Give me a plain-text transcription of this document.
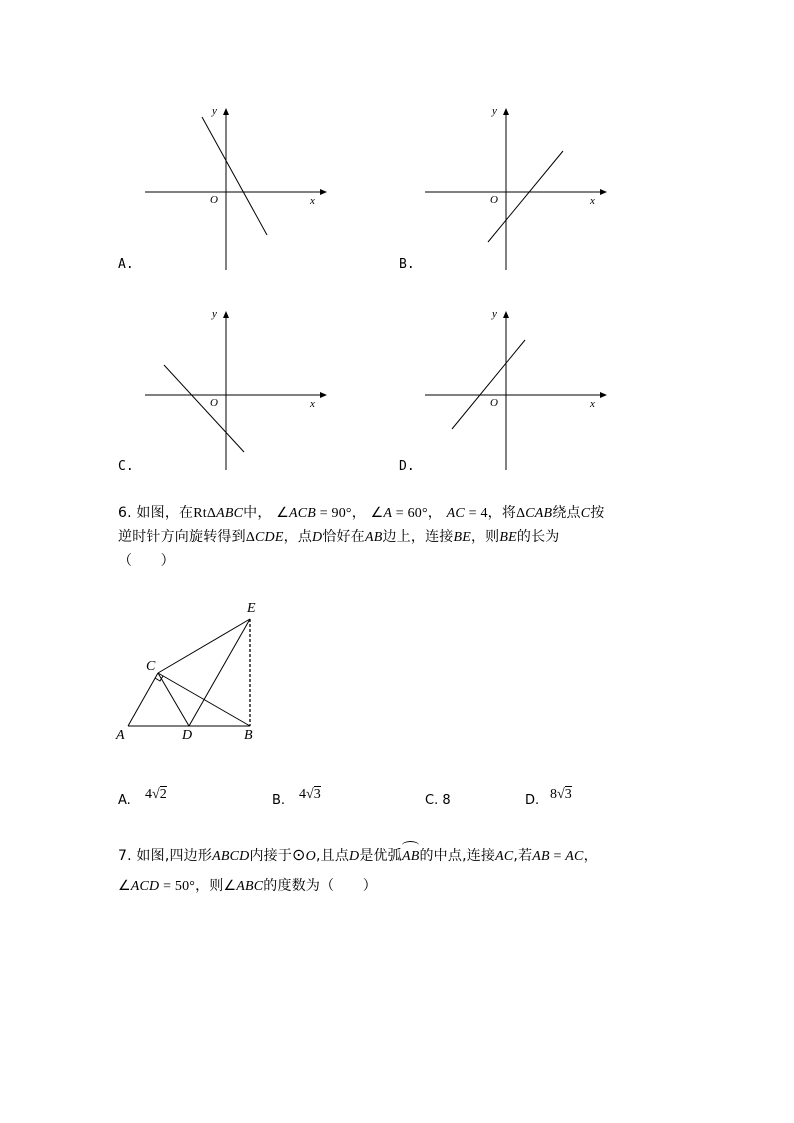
y
x
O
A.
y
x
O
B.
y
x
O
C.
y
x
O
D.
6. 如图，在RtΔABC中， ∠ACB = 90°， ∠A = 60°， AC = 4，将ΔCAB绕点C按
逆时针方向旋转得到ΔCDE，点D恰好在AB边上，连接BE，则BE的长为
（　　）
A	D	B
C
E
A. 4√2	B. 4√3	C. 8	D. 8√3
7. 如图,四边形ABCD内接于⊙O,且点D是优弧AB的中点,连接AC,若AB = AC，
∠ACD = 50°，则∠ABC的度数为（　　）
